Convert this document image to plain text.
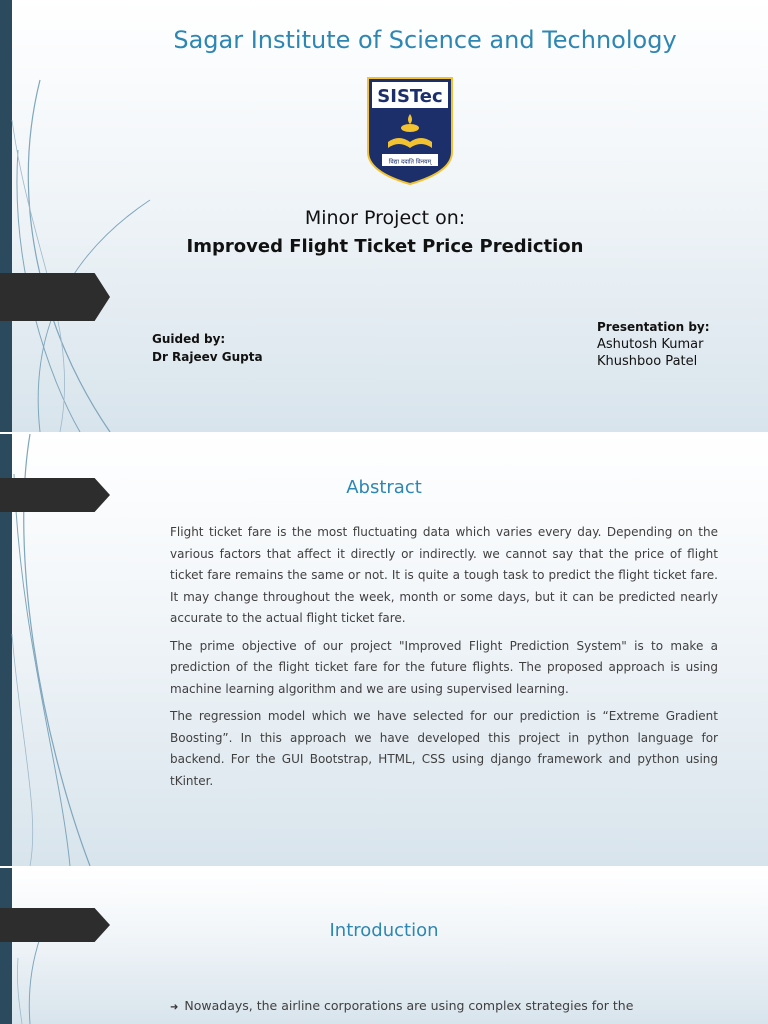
Sagar Institute of Science and Technology
SISTec
विद्या ददाति विनयम्
Minor Project on:
Improved Flight Ticket Price Prediction
Guided by:
Dr Rajeev Gupta
Presentation by:
Ashutosh Kumar
Khushboo Patel
Abstract

Flight ticket fare is the most fluctuating data which varies every day. Depending on the various factors that affect it directly or indirectly. we cannot say that the price of flight ticket fare remains the same or not. It is quite a tough task to predict the flight ticket fare. It may change throughout the week, month or some days, but it can be predicted nearly accurate to the actual flight ticket fare.

The prime objective of our project "Improved Flight Prediction System" is to make a prediction of the flight ticket fare for the future flights. The proposed approach is using machine learning algorithm and we are using supervised learning.

The regression model which we have selected for our prediction is “Extreme Gradient Boosting”. In this approach we have developed this project in python language for backend. For the GUI Bootstrap, HTML, CSS using django framework and python using tKinter.

Introduction
➜ Nowadays, the airline corporations are using complex strategies for the
